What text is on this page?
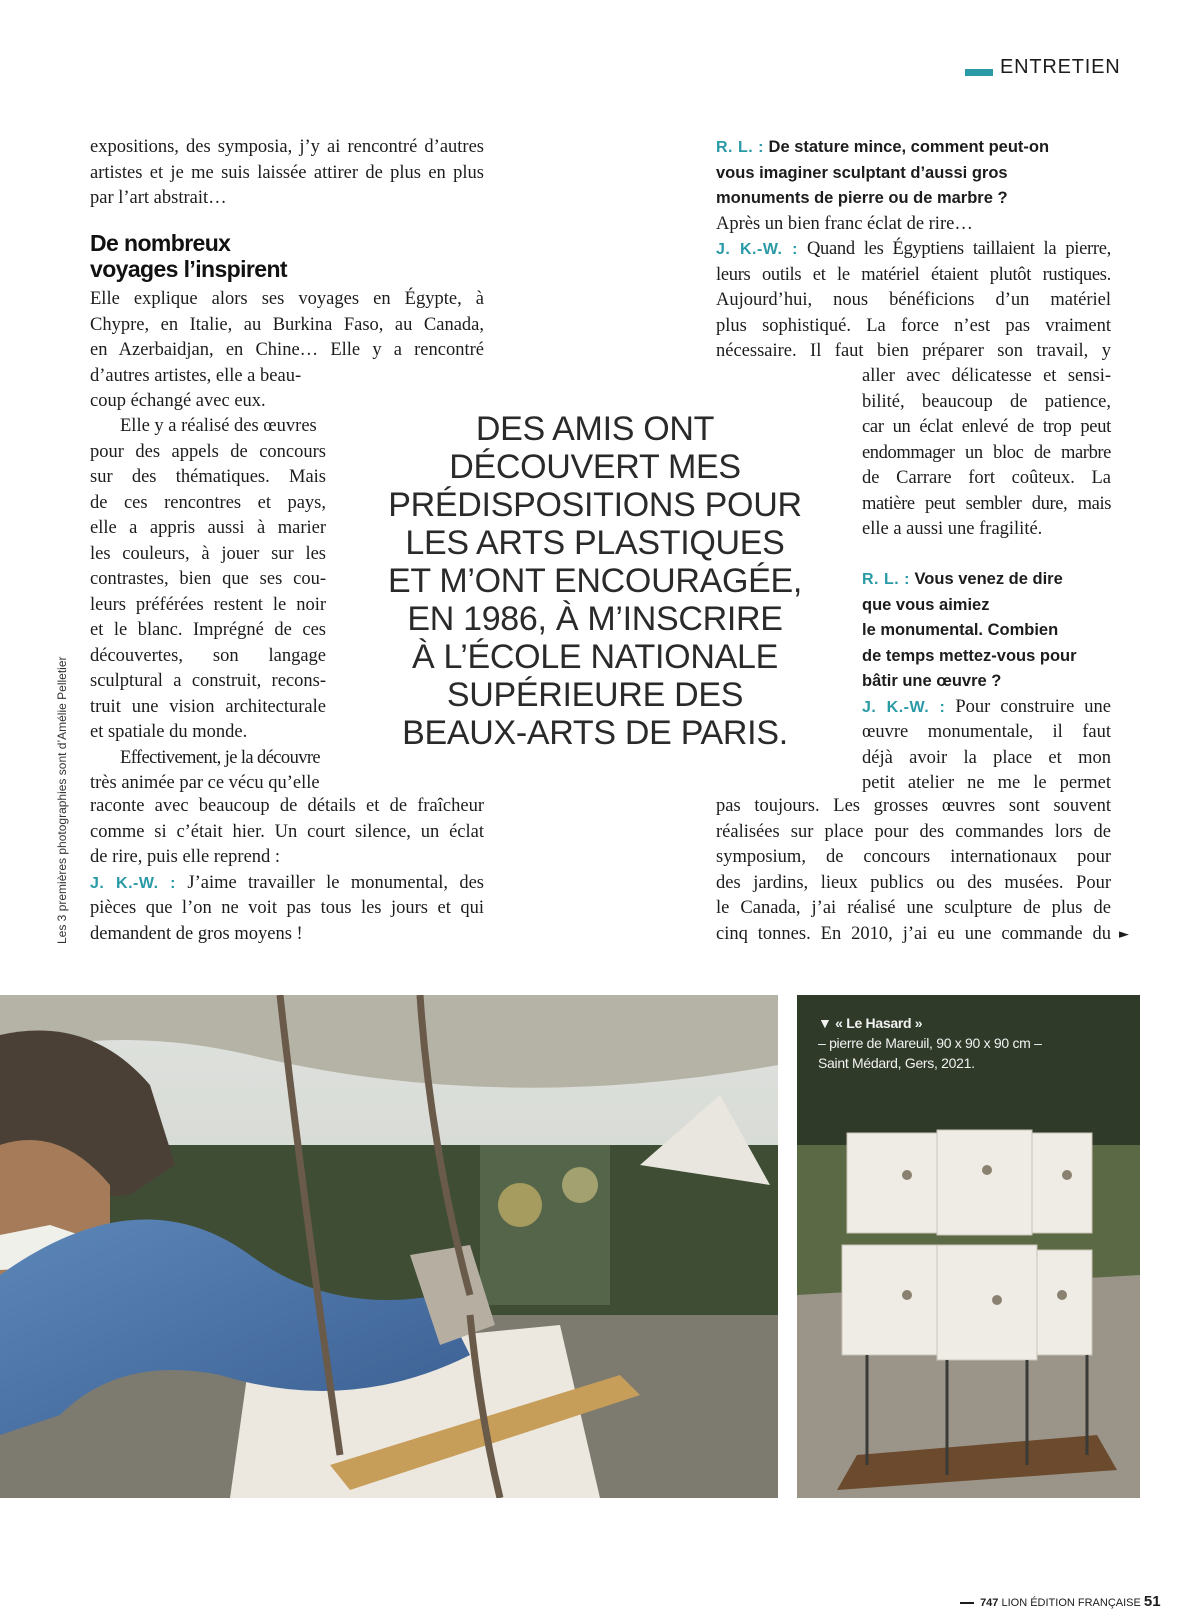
ENTRETIEN
Les 3 premières photographies sont d’Amélie Pelletier
expositions, des symposia, j’y ai rencontré d’autres
artistes et je me suis laissée attirer de plus en plus
par l’art abstrait…
De nombreux
voyages l’inspirent
Elle explique alors ses voyages en Égypte, à
Chypre, en Italie, au Burkina Faso, au Canada,
en Azerbaidjan, en Chine… Elle y a rencontré
d’autres artistes, elle a beau-
coup échangé avec eux.
Elle y a réalisé des œuvres
pour des appels de concours
sur des thématiques. Mais
de ces rencontres et pays,
elle a appris aussi à marier
les couleurs, à jouer sur les
contrastes, bien que ses cou-
leurs préférées restent le noir
et le blanc. Imprégné de ces
découvertes, son langage
sculptural a construit, recons-
truit une vision architecturale
et spatiale du monde.
Effectivement, je la découvre
très animée par ce vécu qu’elle
raconte avec beaucoup de détails et de fraîcheur
comme si c’était hier. Un court silence, un éclat
de rire, puis elle reprend :
J. K.-W. : J’aime travailler le monumental, des
pièces que l’on ne voit pas tous les jours et qui
demandent de gros moyens !
DES AMIS ONT
DÉCOUVERT MES
PRÉDISPOSITIONS POUR
LES ARTS PLASTIQUES
ET M’ONT ENCOURAGÉE,
EN 1986, À M’INSCRIRE
À L’ÉCOLE NATIONALE
SUPÉRIEURE DES
BEAUX-ARTS DE PARIS.
R. L. : De stature mince, comment peut-on
vous imaginer sculptant d’aussi gros
monuments de pierre ou de marbre ?
Après un bien franc éclat de rire…
J. K.-W. : Quand les Égyptiens taillaient la pierre,
leurs outils et le matériel étaient plutôt rustiques.
Aujourd’hui, nous bénéficions d’un matériel
plus sophistiqué. La force n’est pas vraiment
nécessaire. Il faut bien préparer son travail, y
aller avec délicatesse et sensi-
bilité, beaucoup de patience,
car un éclat enlevé de trop peut
endommager un bloc de marbre
de Carrare fort coûteux. La
matière peut sembler dure, mais
elle a aussi une fragilité.
R. L. : Vous venez de dire
que vous aimiez
le monumental. Combien
de temps mettez-vous pour
bâtir une œuvre ?
J. K.-W. : Pour construire une
œuvre monumentale, il faut
déjà avoir la place et mon
petit atelier ne me le permet
pas toujours. Les grosses œuvres sont souvent
réalisées sur place pour des commandes lors de
symposium, de concours internationaux pour
des jardins, lieux publics ou des musées. Pour
le Canada, j’ai réalisé une sculpture de plus de
cinq tonnes. En 2010, j’ai eu une commande du ►
▼ « Le Hasard »
– pierre de Mareuil, 90 x 90 x 90 cm –
Saint Médard, Gers, 2021.
747 LION ÉDITION FRANÇAISE 51
